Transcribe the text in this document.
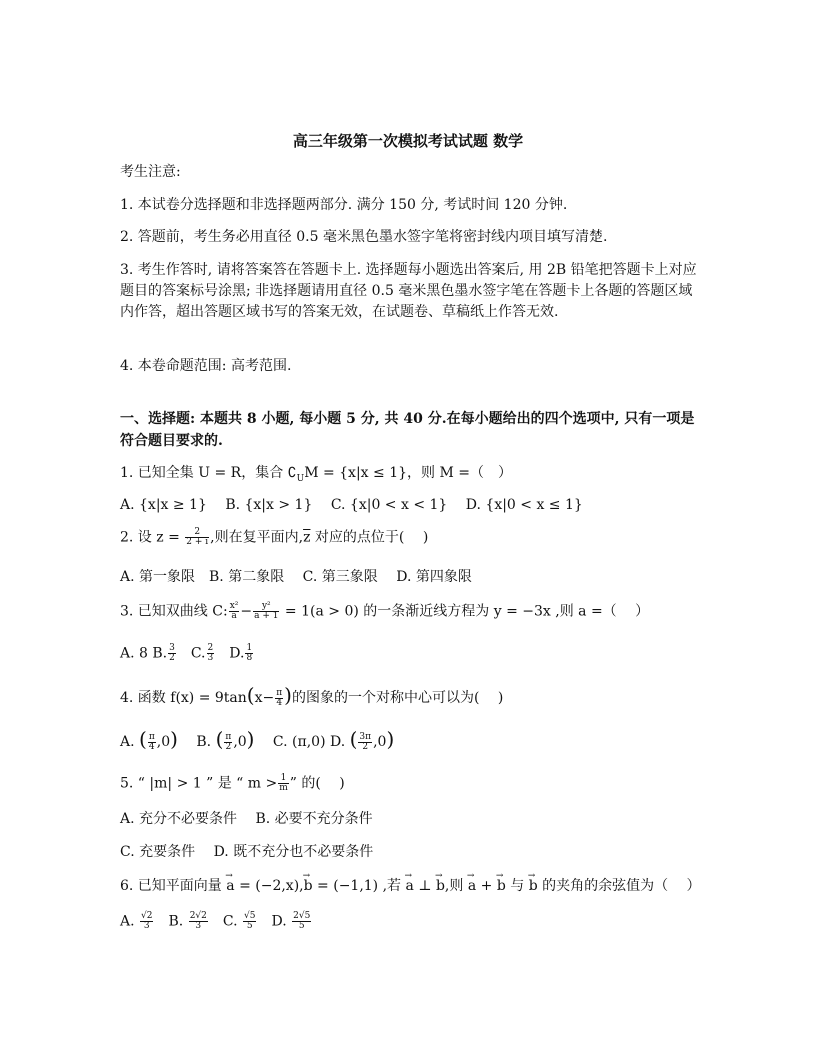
高三年级第一次模拟考试试题 数学
考生注意:
1. 本试卷分选择题和非选择题两部分. 满分 150 分, 考试时间 120 分钟.
2. 答题前，考生务必用直径 0.5 毫米黑色墨水签字笔将密封线内项目填写清楚.
3. 考生作答时, 请将答案答在答题卡上. 选择题每小题选出答案后, 用 2B 铅笔把答题卡上对应题目的答案标号涂黑; 非选择题请用直径 0.5 毫米黑色墨水签字笔在答题卡上各题的答题区域内作答，超出答题区域书写的答案无效，在试题卷、草稿纸上作答无效.
4. 本卷命题范围: 高考范围.
一、选择题: 本题共 8 小题, 每小题 5 分, 共 40 分.在每小题给出的四个选项中, 只有一项是符合题目要求的.
1. 已知全集 U = R，集合 $∁_UM = \{x|x \le 1\}$，则 M =（　）
A. {x|x ≥ 1}　 B. {x|x > 1}　 C. {x|0 < x < 1}　 D. {x|0 < x ≤ 1}
2. 设 $z = \frac{2}{2 + i}$ ,则在复平面内$,\overline{z}$ 对应的点位于(　 )
A. 第一象限　B. 第二象限　 C. 第三象限　 D. 第四象限
3. 已知双曲线 C: $\frac{\text{x²}}{a} - \frac{\text{y²}}{a + 1} = 1(a > 0)$ 的一条渐近线方程为 y = −3x ,则 a =（　 ）
A. 8 B. $\frac{3}{2}$ 　C. $\frac{2}{3}$ 　D. $\frac{1}{8}$
4. 函数 $f(x) = 9\tan(x- \frac{\pi}{4}$ )的图象的一个对称中心可以为(　 )
A. ( $\frac{\pi}{4} ,0$)　 B. ( $\frac{\pi}{2} ,0$)　 C. (π,0) D. ( $\frac{3\pi}{2} ,0$)
5. “ |m| > 1 ” 是 “ $m > \frac{1}{m}$ ” 的(　 )
A. 充分不必要条件　 B. 必要不充分条件
C. 充要条件　 D. 既不充分也不必要条件
6. 已知平面向量 → a = (−2,x),→ b = (−1,1) ,若 → a ⊥ → b,则 → a + → b 与 → b 的夹角的余弦值为（　 ）
A. $\frac{√2}{3}$ 　B. $\frac{2√2}{3}$ 　C. $\frac{√5}{5}$ 　D. $\frac{2√5}{5}$
